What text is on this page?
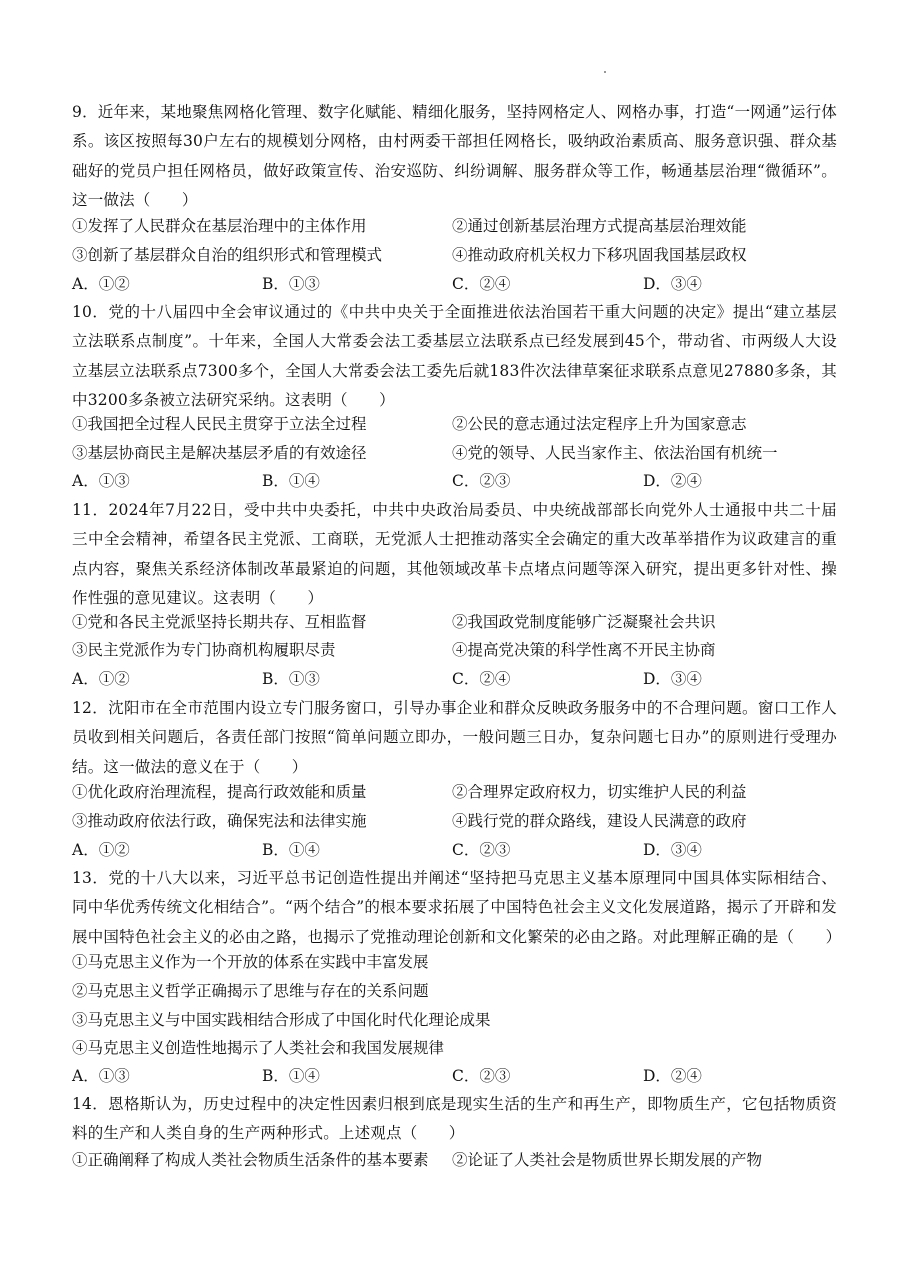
9．近年来，某地聚焦网格化管理、数字化赋能、精细化服务，坚持网格定人、网格办事，打造“一网通”运行体系。该区按照每30户左右的规模划分网格，由村两委干部担任网格长，吸纳政治素质高、服务意识强、群众基础好的党员户担任网格员，做好政策宣传、治安巡防、纠纷调解、服务群众等工作，畅通基层治理“微循环”。这一做法（　　）

①发挥了人民群众在基层治理中的主体作用	②通过创新基层治理方式提高基层治理效能
③创新了基层群众自治的组织形式和管理模式	④推动政府机关权力下移巩固我国基层政权
A．①②	B．①③	C．②④	D．③④

10．党的十八届四中全会审议通过的《中共中央关于全面推进依法治国若干重大问题的决定》提出“建立基层立法联系点制度”。十年来，全国人大常委会法工委基层立法联系点已经发展到45个，带动省、市两级人大设立基层立法联系点7300多个，全国人大常委会法工委先后就183件次法律草案征求联系点意见27880多条，其中3200多条被立法研究采纳。这表明（　　）

①我国把全过程人民民主贯穿于立法全过程	②公民的意志通过法定程序上升为国家意志
③基层协商民主是解决基层矛盾的有效途径	④党的领导、人民当家作主、依法治国有机统一
A．①③	B．①④	C．②③	D．②④

11．2024年7月22日，受中共中央委托，中共中央政治局委员、中央统战部部长向党外人士通报中共二十届三中全会精神，希望各民主党派、工商联，无党派人士把推动落实全会确定的重大改革举措作为议政建言的重点内容，聚焦关系经济体制改革最紧迫的问题，其他领域改革卡点堵点问题等深入研究，提出更多针对性、操作性强的意见建议。这表明（　　）

①党和各民主党派坚持长期共存、互相监督	②我国政党制度能够广泛凝聚社会共识
③民主党派作为专门协商机构履职尽责	④提高党决策的科学性离不开民主协商
A．①②	B．①③	C．②④	D．③④

12．沈阳市在全市范围内设立专门服务窗口，引导办事企业和群众反映政务服务中的不合理问题。窗口工作人员收到相关问题后，各责任部门按照“简单问题立即办，一般问题三日办，复杂问题七日办”的原则进行受理办结。这一做法的意义在于（　　）

①优化政府治理流程，提高行政效能和质量	②合理界定政府权力，切实维护人民的利益
③推动政府依法行政，确保宪法和法律实施	④践行党的群众路线，建设人民满意的政府
A．①②	B．①④	C．②③	D．③④

13．党的十八大以来，习近平总书记创造性提出并阐述“坚持把马克思主义基本原理同中国具体实际相结合、同中华优秀传统文化相结合”。“两个结合”的根本要求拓展了中国特色社会主义文化发展道路，揭示了开辟和发展中国特色社会主义的必由之路，也揭示了党推动理论创新和文化繁荣的必由之路。对此理解正确的是（　　）

①马克思主义作为一个开放的体系在实践中丰富发展
②马克思主义哲学正确揭示了思维与存在的关系问题
③马克思主义与中国实践相结合形成了中国化时代化理论成果
④马克思主义创造性地揭示了人类社会和我国发展规律
A．①③	B．①④	C．②③	D．②④

14．恩格斯认为，历史过程中的决定性因素归根到底是现实生活的生产和再生产，即物质生产，它包括物质资料的生产和人类自身的生产两种形式。上述观点（　　）

①正确阐释了构成人类社会物质生活条件的基本要素 ②论证了人类社会是物质世界长期发展的产物
